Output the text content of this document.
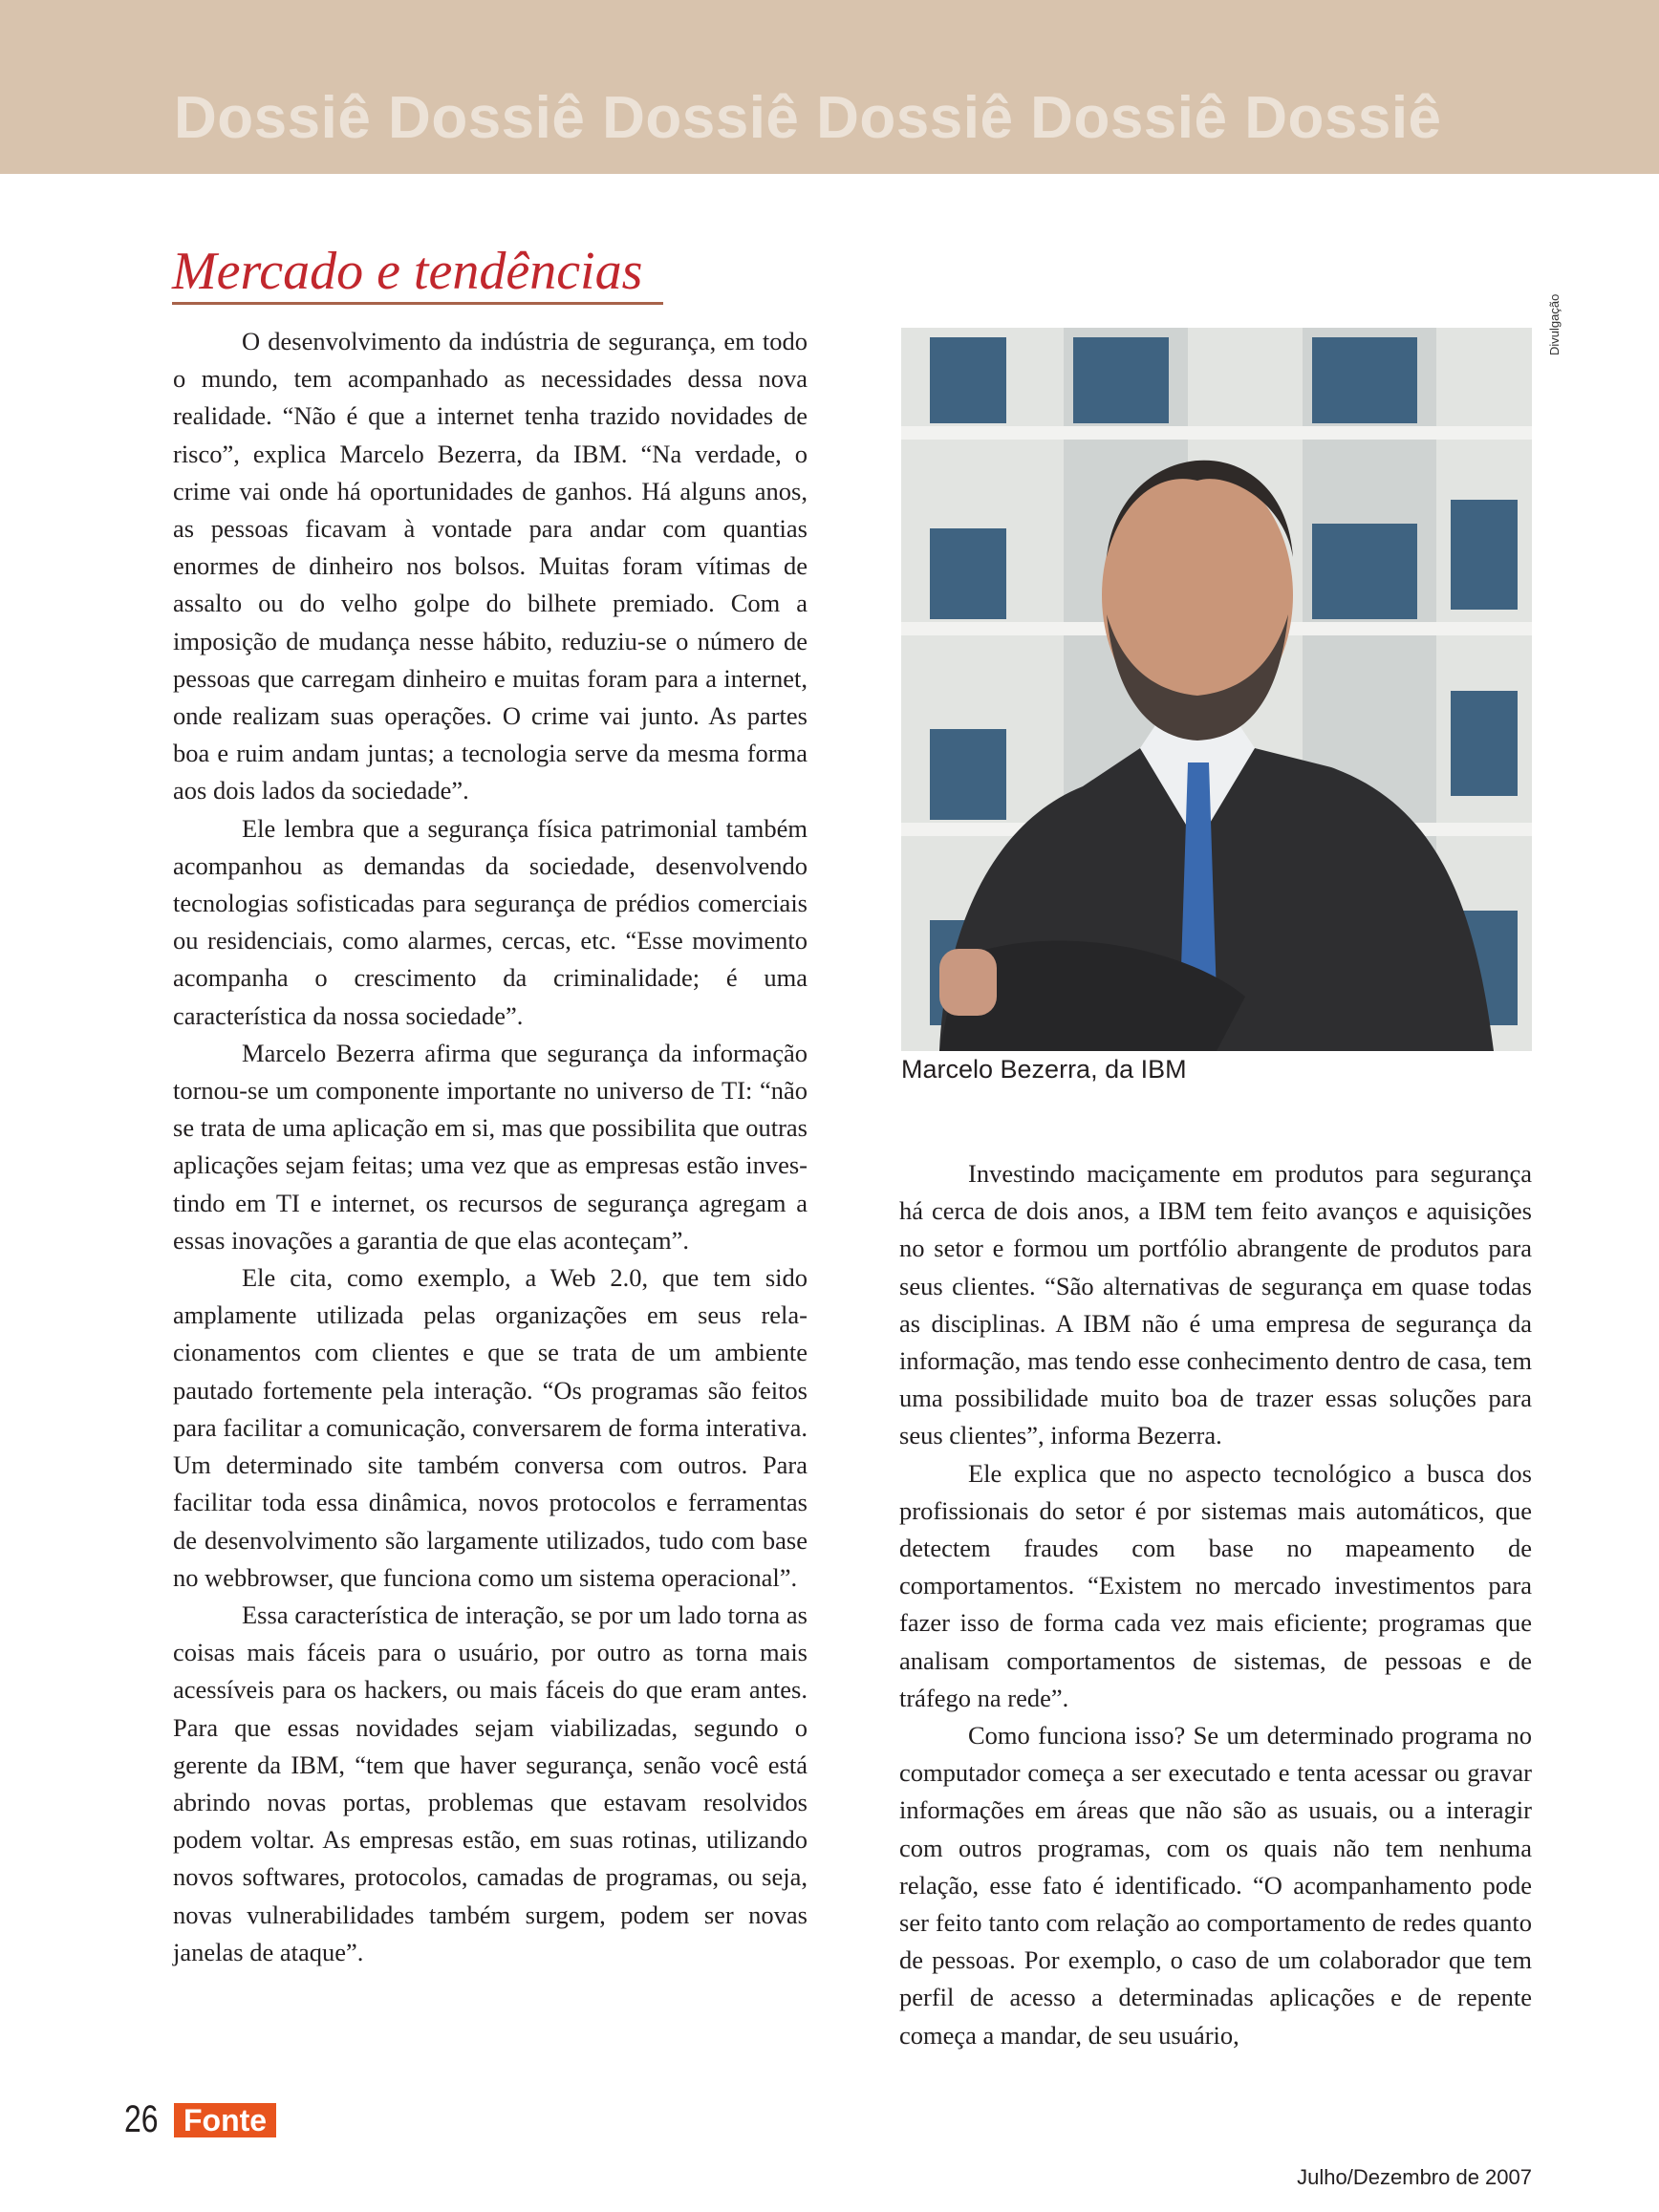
Dossiê Dossiê Dossiê Dossiê Dossiê Dossiê
Mercado e tendências

O desenvolvimento da indústria de segurança, em todo o mundo, tem acompanhado as necessidades dessa nova realidade. “Não é que a internet tenha trazido novidades de risco”, explica Marcelo Bezerra, da IBM. “Na verdade, o crime vai onde há oportunidades de ganhos. Há alguns anos, as pessoas ficavam à vontade para andar com quantias enormes de dinheiro nos bolsos. Muitas foram vítimas de assalto ou do velho golpe do bilhete premiado. Com a imposição de mudança nesse hábito, reduziu-se o número de pessoas que carregam dinheiro e muitas foram para a internet, onde realizam suas operações. O crime vai junto. As partes boa e ruim andam juntas; a tecnologia serve da mesma forma aos dois lados da sociedade”.

Ele lembra que a segurança física patrimonial também acompanhou as demandas da sociedade, desenvolvendo tecnologias sofisticadas para segurança de prédios comerciais ou residenciais, como alarmes, cercas, etc. “Esse movimento acompanha o crescimento da criminalidade; é uma característica da nossa sociedade”.

Marcelo Bezerra afirma que segurança da informação tornou-se um componente importante no universo de TI: “não se trata de uma aplicação em si, mas que possibilita que outras aplicações sejam feitas; uma vez que as empresas estão investindo em TI e internet, os recursos de segurança agregam a essas inovações a garantia de que elas aconteçam”.

Ele cita, como exemplo, a Web 2.0, que tem sido amplamente utilizada pelas organizações em seus relacionamentos com clientes e que se trata de um ambiente pautado fortemente pela interação. “Os programas são feitos para facilitar a comunicação, conversarem de forma interativa. Um determinado site também conversa com outros. Para facilitar toda essa dinâmica, novos protocolos e ferramentas de desenvolvimento são largamente utilizados, tudo com base no webbrowser, que funciona como um sistema operacional”.

Essa característica de interação, se por um lado torna as coisas mais fáceis para o usuário, por outro as torna mais acessíveis para os hackers, ou mais fáceis do que eram antes. Para que essas novidades sejam viabilizadas, segundo o gerente da IBM, “tem que haver segurança, senão você está abrindo novas portas, problemas que estavam resolvidos podem voltar. As empresas estão, em suas rotinas, utilizando novos softwares, protocolos, camadas de programas, ou seja, novas vulnerabilidades também surgem, podem ser novas janelas de ataque”.

Divulgação
Marcelo Bezerra, da IBM

Investindo maciçamente em produtos para segurança há cerca de dois anos, a IBM tem feito avanços e aquisições no setor e formou um portfólio abrangente de produtos para seus clientes. “São alternativas de segurança em quase todas as disciplinas. A IBM não é uma empresa de segurança da informação, mas tendo esse conhecimento dentro de casa, tem uma possibilidade muito boa de trazer essas soluções para seus clientes”, informa Bezerra.

Ele explica que no aspecto tecnológico a busca dos profissionais do setor é por sistemas mais automáticos, que detectem fraudes com base no mapeamento de comportamentos. “Existem no mercado investimentos para fazer isso de forma cada vez mais eficiente; programas que analisam comportamentos de sistemas, de pessoas e de tráfego na rede”.

Como funciona isso? Se um determinado programa no computador começa a ser executado e tenta acessar ou gravar informações em áreas que não são as usuais, ou a interagir com outros programas, com os quais não tem nenhuma relação, esse fato é identificado. “O acompanhamento pode ser feito tanto com relação ao comportamento de redes quanto de pessoas. Por exemplo, o caso de um colaborador que tem perfil de acesso a determinadas aplicações e de repente começa a mandar, de seu usuário,

26 Fonte
Julho/Dezembro de 2007
